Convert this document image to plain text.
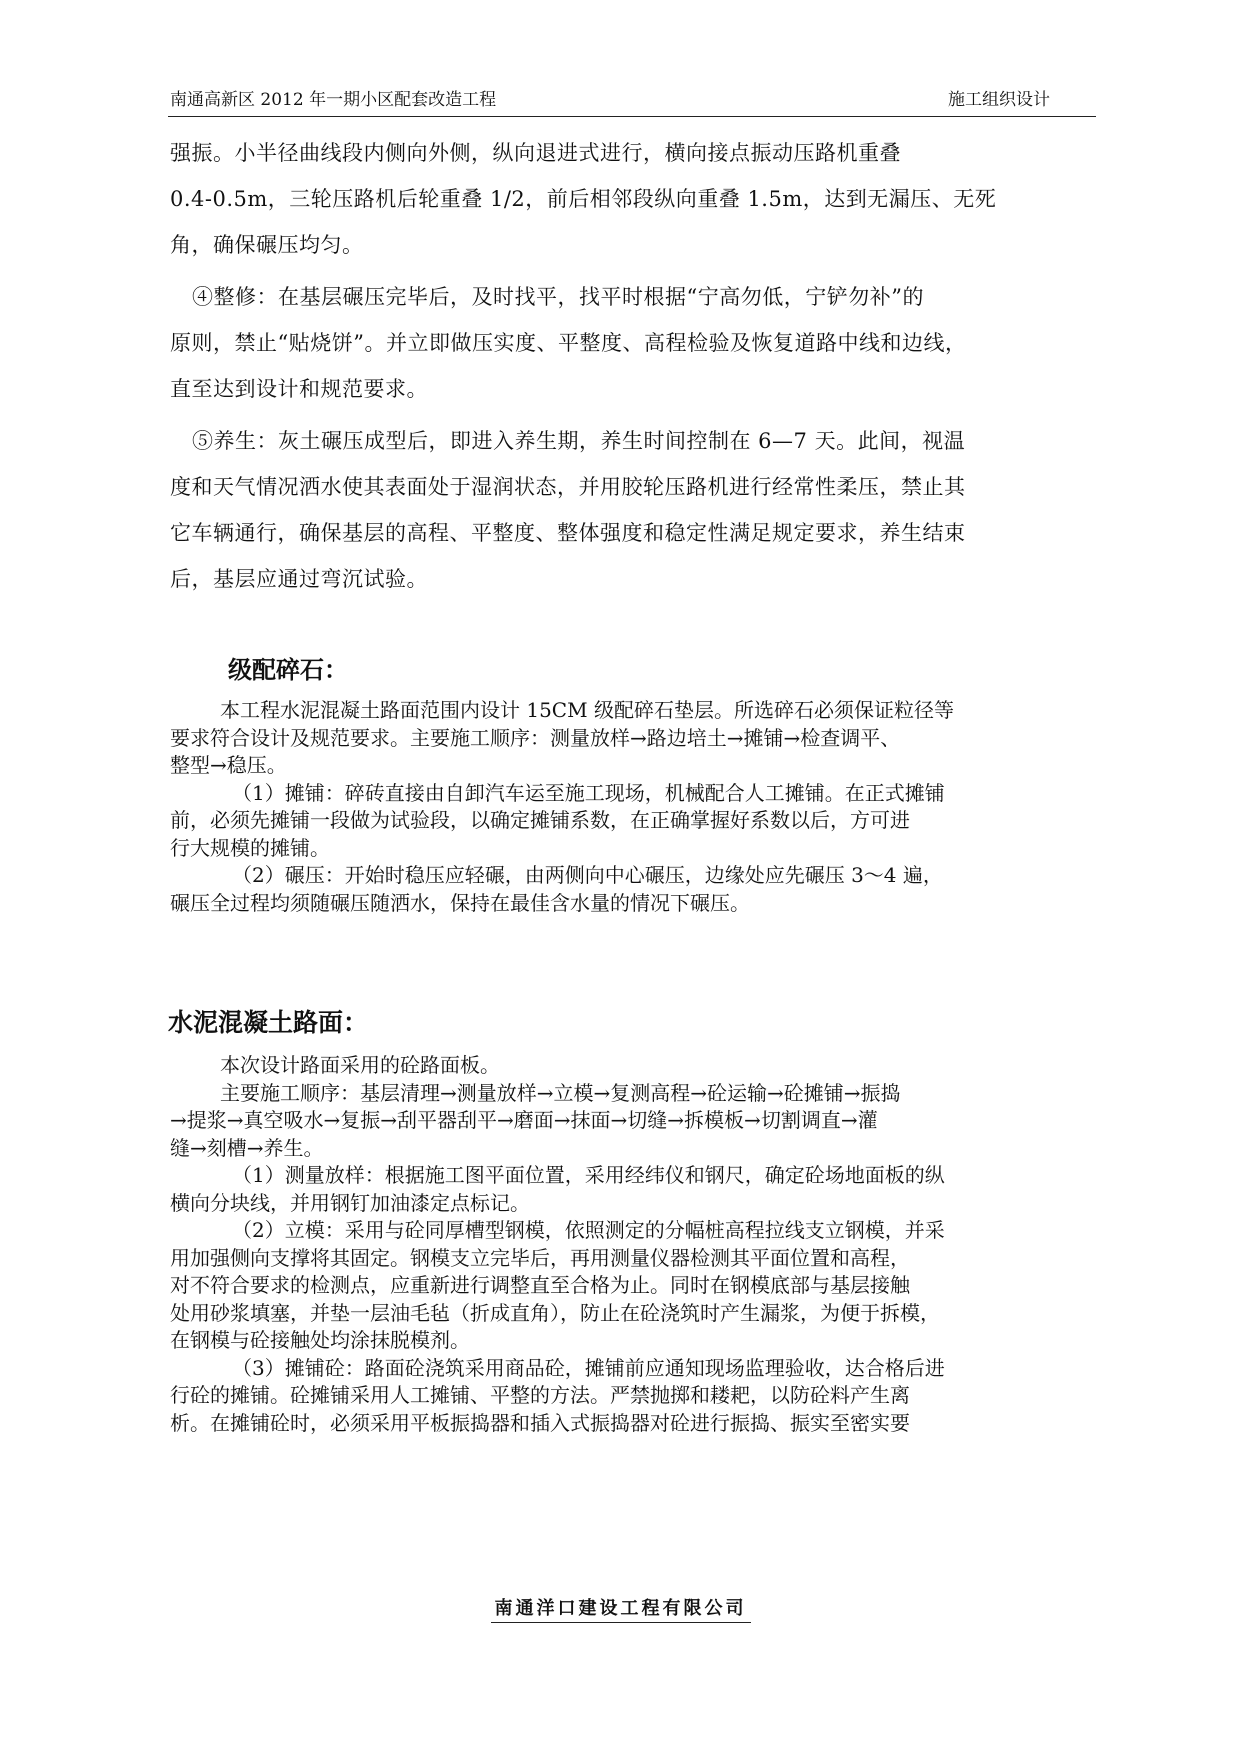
南通高新区 2012 年一期小区配套改造工程	施工组织设计

强振。小半径曲线段内侧向外侧，纵向退进式进行，横向接点振动压路机重叠

0.4-0.5m，三轮压路机后轮重叠 1/2，前后相邻段纵向重叠 1.5m，达到无漏压、无死

角，确保碾压均匀。

④整修：在基层碾压完毕后，及时找平，找平时根据“宁高勿低，宁铲勿补”的

原则，禁止“贴烧饼”。并立即做压实度、平整度、高程检验及恢复道路中线和边线，

直至达到设计和规范要求。

⑤养生：灰土碾压成型后，即进入养生期，养生时间控制在 6—7 天。此间，视温

度和天气情况洒水使其表面处于湿润状态，并用胶轮压路机进行经常性柔压，禁止其

它车辆通行，确保基层的高程、平整度、整体强度和稳定性满足规定要求，养生结束

后，基层应通过弯沉试验。

级配碎石：

本工程水泥混凝土路面范围内设计 15CM 级配碎石垫层。所选碎石必须保证粒径等

要求符合设计及规范要求。主要施工顺序：测量放样→路边培土→摊铺→检查调平、

整型→稳压。

（1）摊铺：碎砖直接由自卸汽车运至施工现场，机械配合人工摊铺。在正式摊铺

前，必须先摊铺一段做为试验段，以确定摊铺系数，在正确掌握好系数以后，方可进

行大规模的摊铺。

（2）碾压：开始时稳压应轻碾，由两侧向中心碾压，边缘处应先碾压 3～4 遍，

碾压全过程均须随碾压随洒水，保持在最佳含水量的情况下碾压。

水泥混凝土路面：

本次设计路面采用的砼路面板。

主要施工顺序：基层清理→测量放样→立模→复测高程→砼运输→砼摊铺→振捣

→提浆→真空吸水→复振→刮平器刮平→磨面→抹面→切缝→拆模板→切割调直→灌

缝→刻槽→养生。

（1）测量放样：根据施工图平面位置，采用经纬仪和钢尺，确定砼场地面板的纵

横向分块线，并用钢钉加油漆定点标记。

（2）立模：采用与砼同厚槽型钢模，依照测定的分幅桩高程拉线支立钢模，并采

用加强侧向支撑将其固定。钢模支立完毕后，再用测量仪器检测其平面位置和高程，

对不符合要求的检测点，应重新进行调整直至合格为止。同时在钢模底部与基层接触

处用砂浆填塞，并垫一层油毛毡（折成直角），防止在砼浇筑时产生漏浆，为便于拆模，

在钢模与砼接触处均涂抹脱模剂。

（3）摊铺砼：路面砼浇筑采用商品砼，摊铺前应通知现场监理验收，达合格后进

行砼的摊铺。砼摊铺采用人工摊铺、平整的方法。严禁抛掷和耧耙，以防砼料产生离

析。在摊铺砼时，必须采用平板振捣器和插入式振捣器对砼进行振捣、振实至密实要

南通洋口建设工程有限公司
